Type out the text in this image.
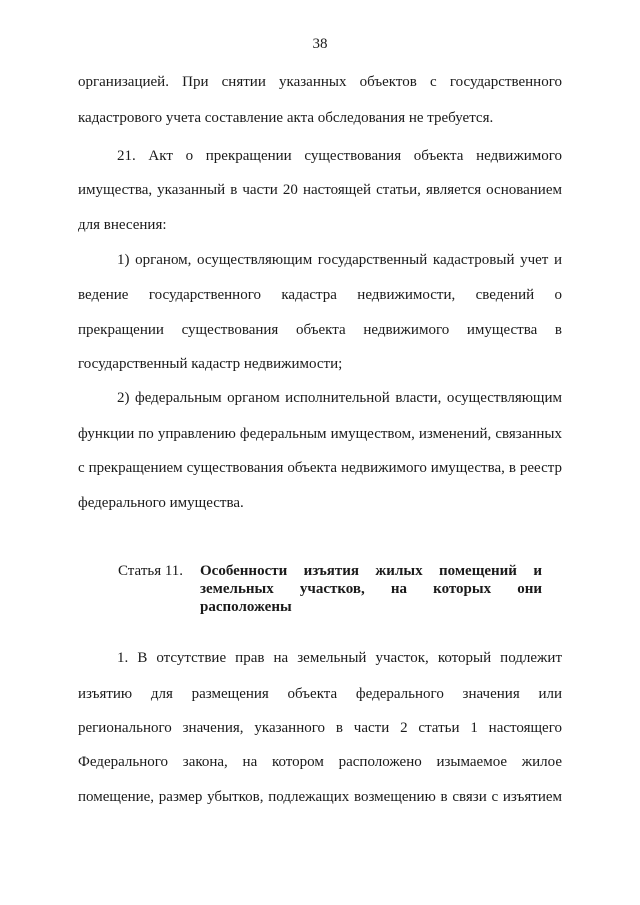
38
организацией. При снятии указанных объектов с государственного
кадастрового учета составление акта обследования не требуется.
21. Акт о прекращении существования объекта недвижимого
имущества, указанный в части 20 настоящей статьи, является основанием
для внесения:
1) органом, осуществляющим государственный кадастровый учет и
ведение государственного кадастра недвижимости, сведений о
прекращении существования объекта недвижимого имущества в
государственный кадастр недвижимости;
2) федеральным органом исполнительной власти, осуществляющим
функции по управлению федеральным имуществом, изменений, связанных
с прекращением существования объекта недвижимого имущества, в реестр
федерального имущества.
Статья 11. Особенности изъятия жилых помещений и
земельных участков, на которых они
расположены
1. В отсутствие прав на земельный участок, который подлежит
изъятию для размещения объекта федерального значения или
регионального значения, указанного в части 2 статьи 1 настоящего
Федерального закона, на котором расположено изымаемое жилое
помещение, размер убытков, подлежащих возмещению в связи с изъятием
